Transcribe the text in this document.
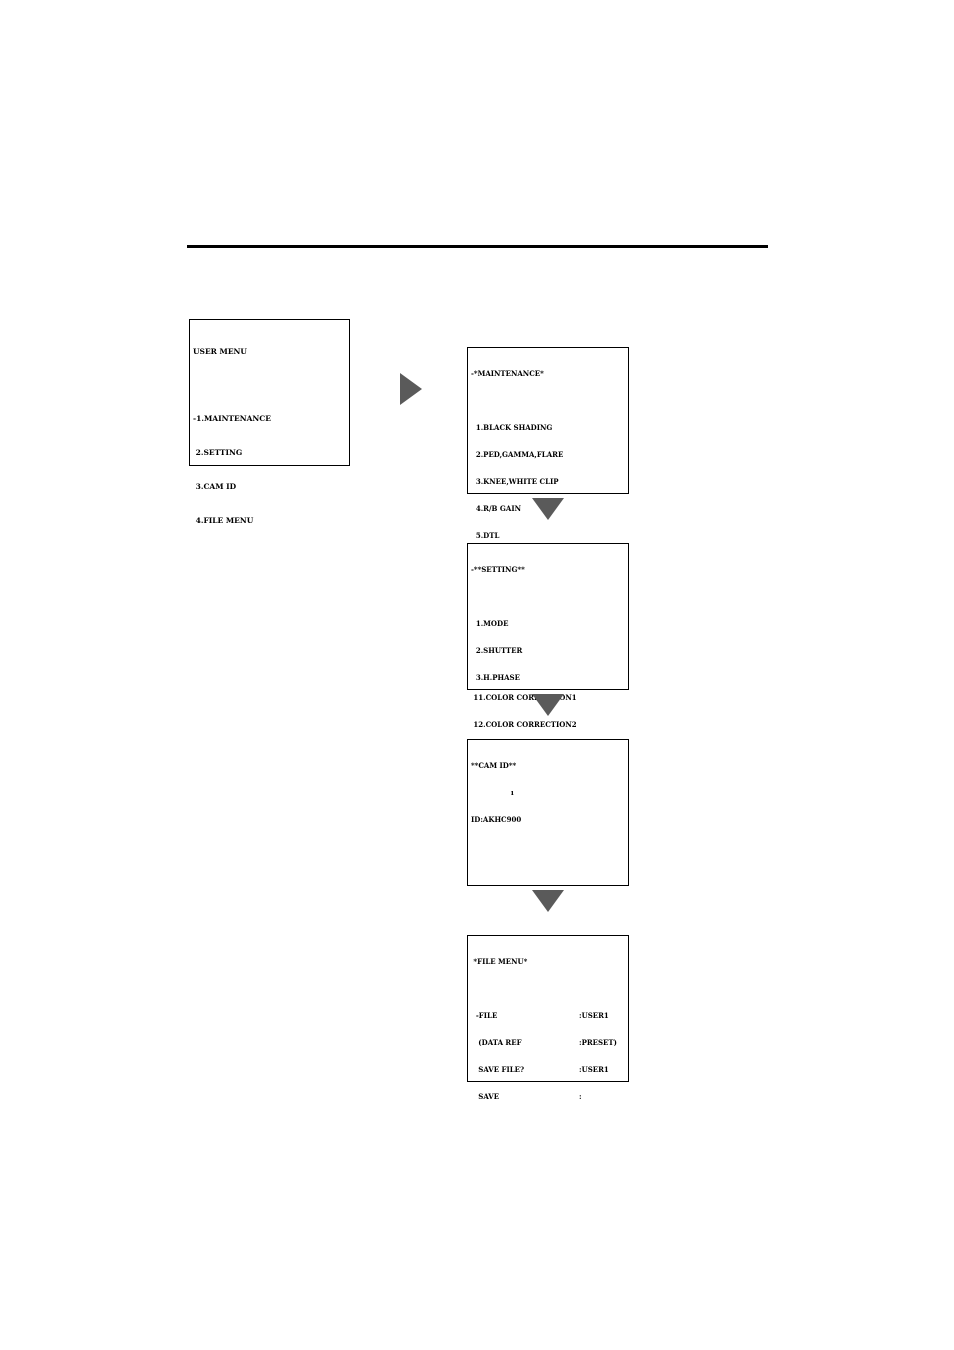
USER MENU

-1.MAINTENANCE

2.SETTING

3.CAM ID

4.FILE MENU

-*MAINTENANCE*

1.BLACK SHADING

2.PED,GAMMA,FLARE

3.KNEE,WHITE CLIP

4.R/B GAIN

5.DTL

11.COLOR CORRECTION1

12.COLOR CORRECTION2

-**SETTING**

1.MODE

2.SHUTTER

3.H.PHASE

**CAM ID**

ı

ID:AKHC900

*FILE MENU*

-FILE	:USER1

(DATA REF	:PRESET)

SAVE FILE?	:USER1

SAVE	:
